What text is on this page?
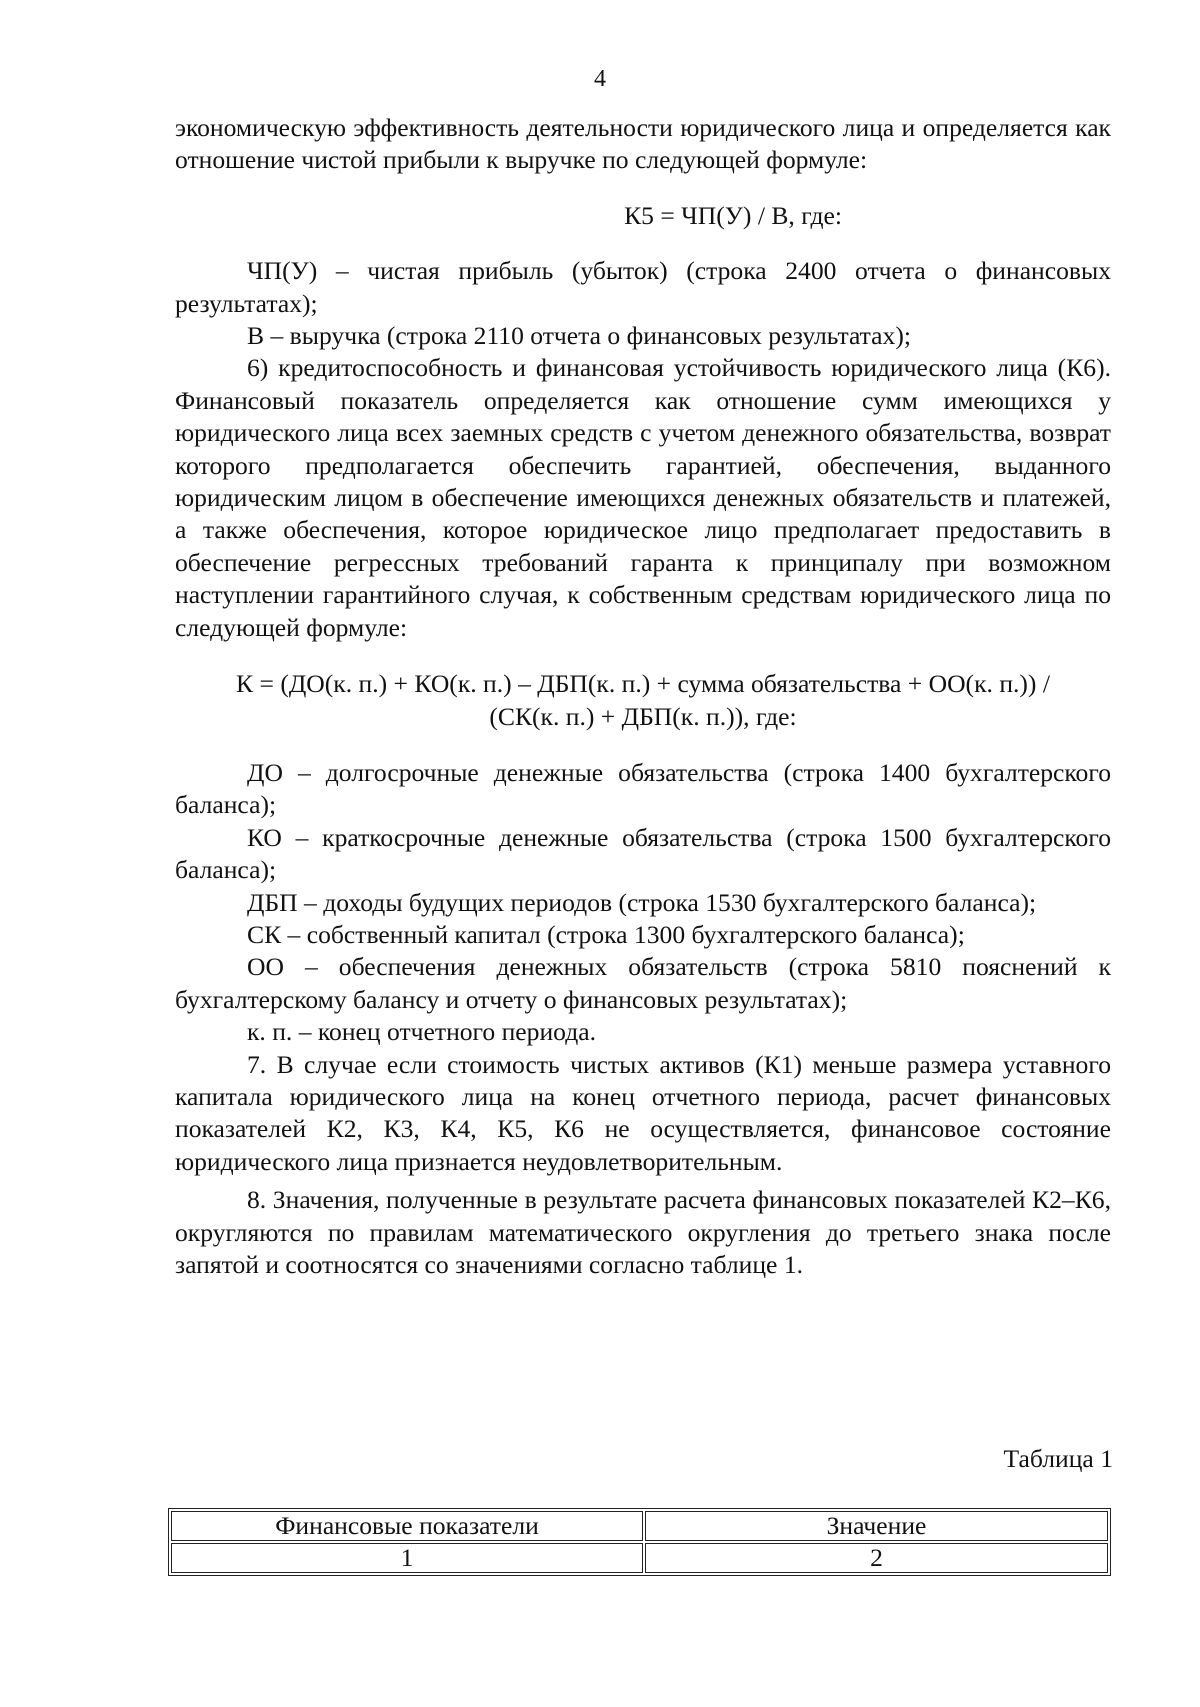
4

экономическую эффективность деятельности юридического лица и определяется как отношение чистой прибыли к выручке по следующей формуле:

К5 = ЧП(У) / В, где:

ЧП(У) – чистая прибыль (убыток) (строка 2400 отчета о финансовых результатах);

В – выручка (строка 2110 отчета о финансовых результатах);

6) кредитоспособность и финансовая устойчивость юридического лица (К6). Финансовый показатель определяется как отношение сумм имеющихся у юридического лица всех заемных средств с учетом денежного обязательства, возврат которого предполагается обеспечить гарантией, обеспечения, выданного юридическим лицом в обеспечение имеющихся денежных обязательств и платежей, а также обеспечения, которое юридическое лицо предполагает предоставить в обеспечение регрессных требований гаранта к принципалу при возможном наступлении гарантийного случая, к собственным средствам юридического лица по следующей формуле:

К = (ДО(к. п.) + КО(к. п.) – ДБП(к. п.) + сумма обязательства + ОО(к. п.)) /

(СК(к. п.) + ДБП(к. п.)), где:

ДО – долгосрочные денежные обязательства (строка 1400 бухгалтерского баланса);

КО – краткосрочные денежные обязательства (строка 1500 бухгалтерского баланса);

ДБП – доходы будущих периодов (строка 1530 бухгалтерского баланса);

СК – собственный капитал (строка 1300 бухгалтерского баланса);

ОО – обеспечения денежных обязательств (строка 5810 пояснений к бухгалтерскому балансу и отчету о финансовых результатах);

к. п. – конец отчетного периода.

7. В случае если стоимость чистых активов (К1) меньше размера уставного капитала юридического лица на конец отчетного периода, расчет финансовых показателей К2, К3, К4, К5, К6 не осуществляется, финансовое состояние юридического лица признается неудовлетворительным.

8. Значения, полученные в результате расчета финансовых показателей К2–К6, округляются по правилам математического округления до третьего знака после запятой и соотносятся со значениями согласно таблице 1.

Таблица 1
Финансовые показатели	Значение
1	2
